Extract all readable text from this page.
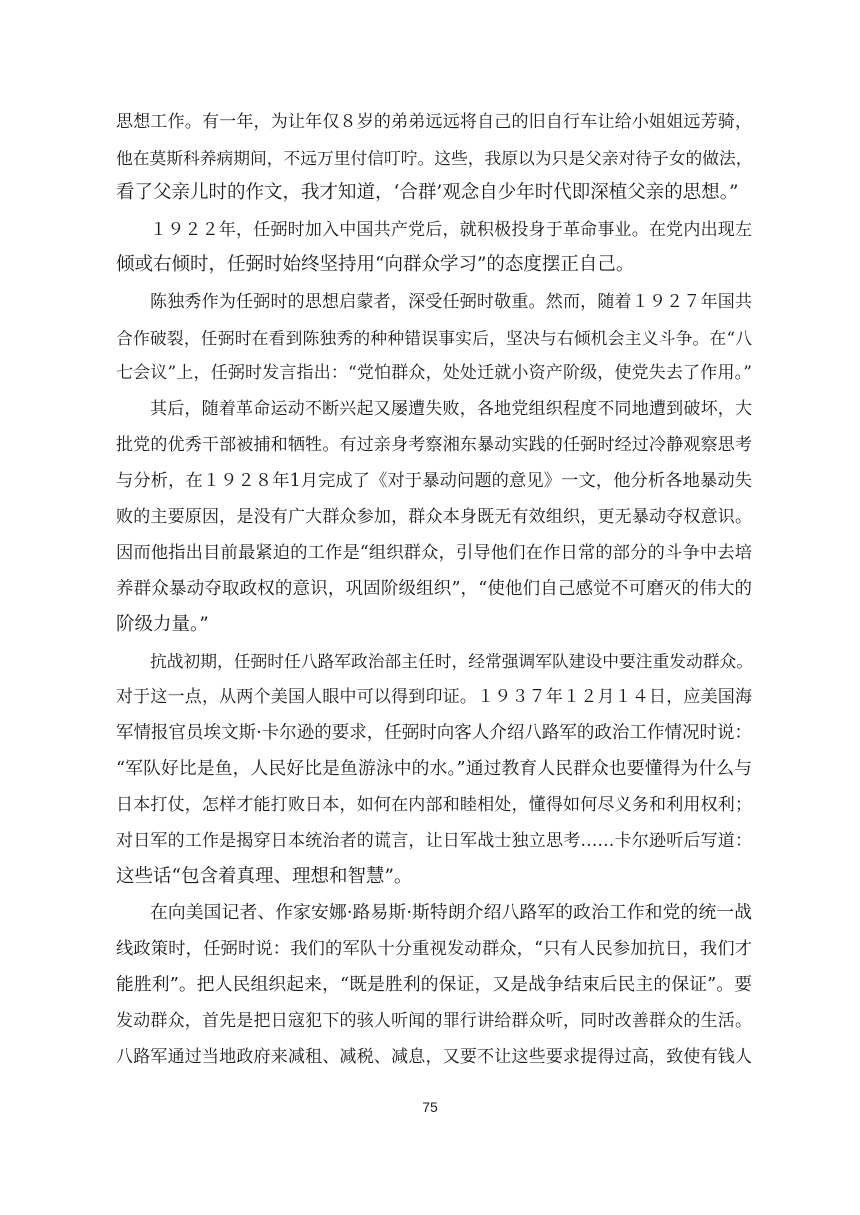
思想工作。有一年，为让年仅８岁的弟弟远远将自己的旧自行车让给小姐姐远芳骑，
他在莫斯科养病期间，不远万里付信叮咛。这些，我原以为只是父亲对待子女的做法，
看了父亲儿时的作文，我才知道，‘合群’观念自少年时代即深植父亲的思想。”
１９２２年，任弼时加入中国共产党后，就积极投身于革命事业。在党内出现左
倾或右倾时，任弼时始终坚持用“向群众学习”的态度摆正自己。
陈独秀作为任弼时的思想启蒙者，深受任弼时敬重。然而，随着１９２７年国共
合作破裂，任弼时在看到陈独秀的种种错误事实后，坚决与右倾机会主义斗争。在“八
七会议”上，任弼时发言指出：“党怕群众，处处迁就小资产阶级，使党失去了作用。”
其后，随着革命运动不断兴起又屡遭失败，各地党组织程度不同地遭到破坏，大
批党的优秀干部被捕和牺牲。有过亲身考察湘东暴动实践的任弼时经过冷静观察思考
与分析，在１９２８年1月完成了《对于暴动问题的意见》一文，他分析各地暴动失
败的主要原因，是没有广大群众参加，群众本身既无有效组织，更无暴动夺权意识。
因而他指出目前最紧迫的工作是“组织群众，引导他们在作日常的部分的斗争中去培
养群众暴动夺取政权的意识，巩固阶级组织”，“使他们自己感觉不可磨灭的伟大的
阶级力量。”
抗战初期，任弼时任八路军政治部主任时，经常强调军队建设中要注重发动群众。
对于这一点，从两个美国人眼中可以得到印证。１９３７年１２月１４日，应美国海
军情报官员埃文斯·卡尔逊的要求，任弼时向客人介绍八路军的政治工作情况时说：
“军队好比是鱼，人民好比是鱼游泳中的水。”通过教育人民群众也要懂得为什么与
日本打仗，怎样才能打败日本，如何在内部和睦相处，懂得如何尽义务和利用权利；
对日军的工作是揭穿日本统治者的谎言，让日军战士独立思考……卡尔逊听后写道：
这些话“包含着真理、理想和智慧”。
在向美国记者、作家安娜·路易斯·斯特朗介绍八路军的政治工作和党的统一战
线政策时，任弼时说：我们的军队十分重视发动群众，“只有人民参加抗日，我们才
能胜利”。把人民组织起来，“既是胜利的保证，又是战争结束后民主的保证”。要
发动群众，首先是把日寇犯下的骇人听闻的罪行讲给群众听，同时改善群众的生活。
八路军通过当地政府来减租、减税、减息，又要不让这些要求提得过高，致使有钱人
75
